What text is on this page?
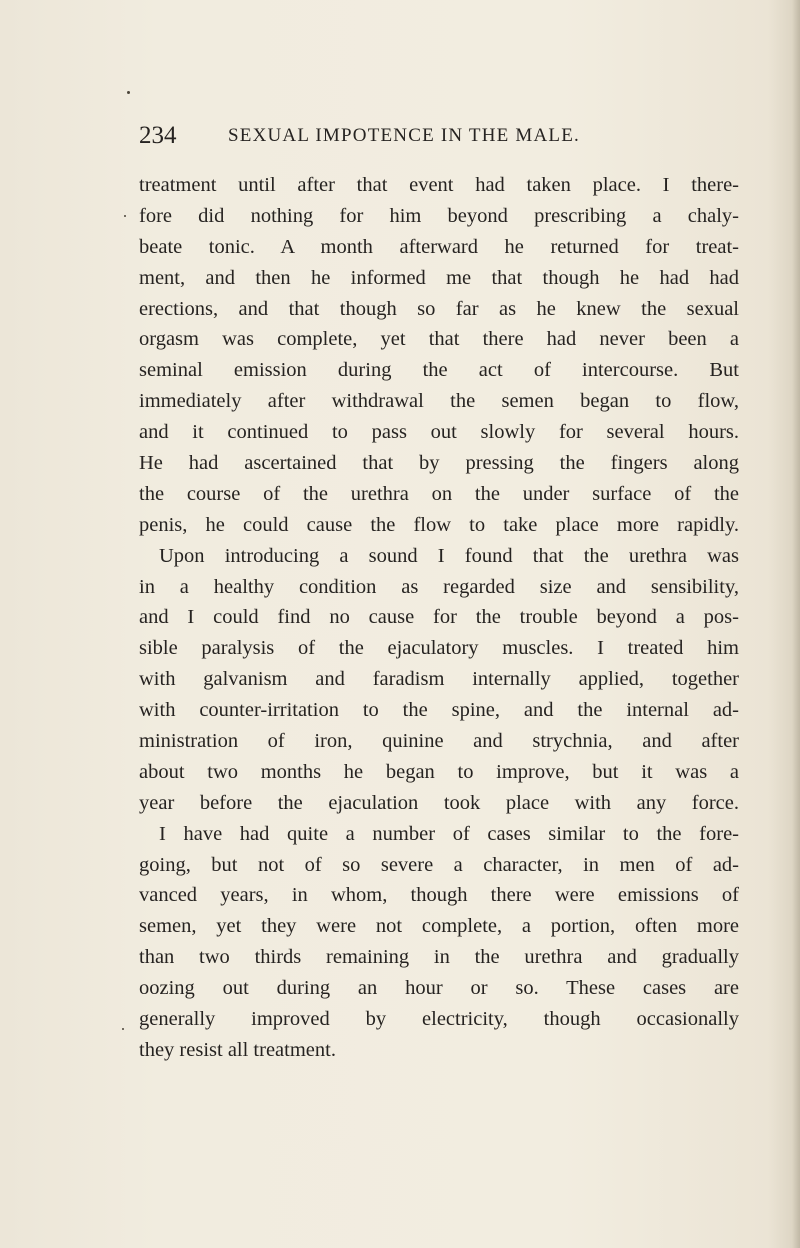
234	SEXUAL IMPOTENCE IN THE MALE.
treatment until after that event had taken place. I there-
fore did nothing for him beyond prescribing a chaly-
beate tonic. A month afterward he returned for treat-
ment, and then he informed me that though he had had
erections, and that though so far as he knew the sexual
orgasm was complete, yet that there had never been a
seminal emission during the act of intercourse. But
immediately after withdrawal the semen began to flow,
and it continued to pass out slowly for several hours.
He had ascertained that by pressing the fingers along
the course of the urethra on the under surface of the
penis, he could cause the flow to take place more rapidly.
Upon introducing a sound I found that the urethra was
in a healthy condition as regarded size and sensibility,
and I could find no cause for the trouble beyond a pos-
sible paralysis of the ejaculatory muscles. I treated him
with galvanism and faradism internally applied, together
with counter-irritation to the spine, and the internal ad-
ministration of iron, quinine and strychnia, and after
about two months he began to improve, but it was a
year before the ejaculation took place with any force.
I have had quite a number of cases similar to the fore-
going, but not of so severe a character, in men of ad-
vanced years, in whom, though there were emissions of
semen, yet they were not complete, a portion, often more
than two thirds remaining in the urethra and gradually
oozing out during an hour or so. These cases are
generally improved by electricity, though occasionally
they resist all treatment.
